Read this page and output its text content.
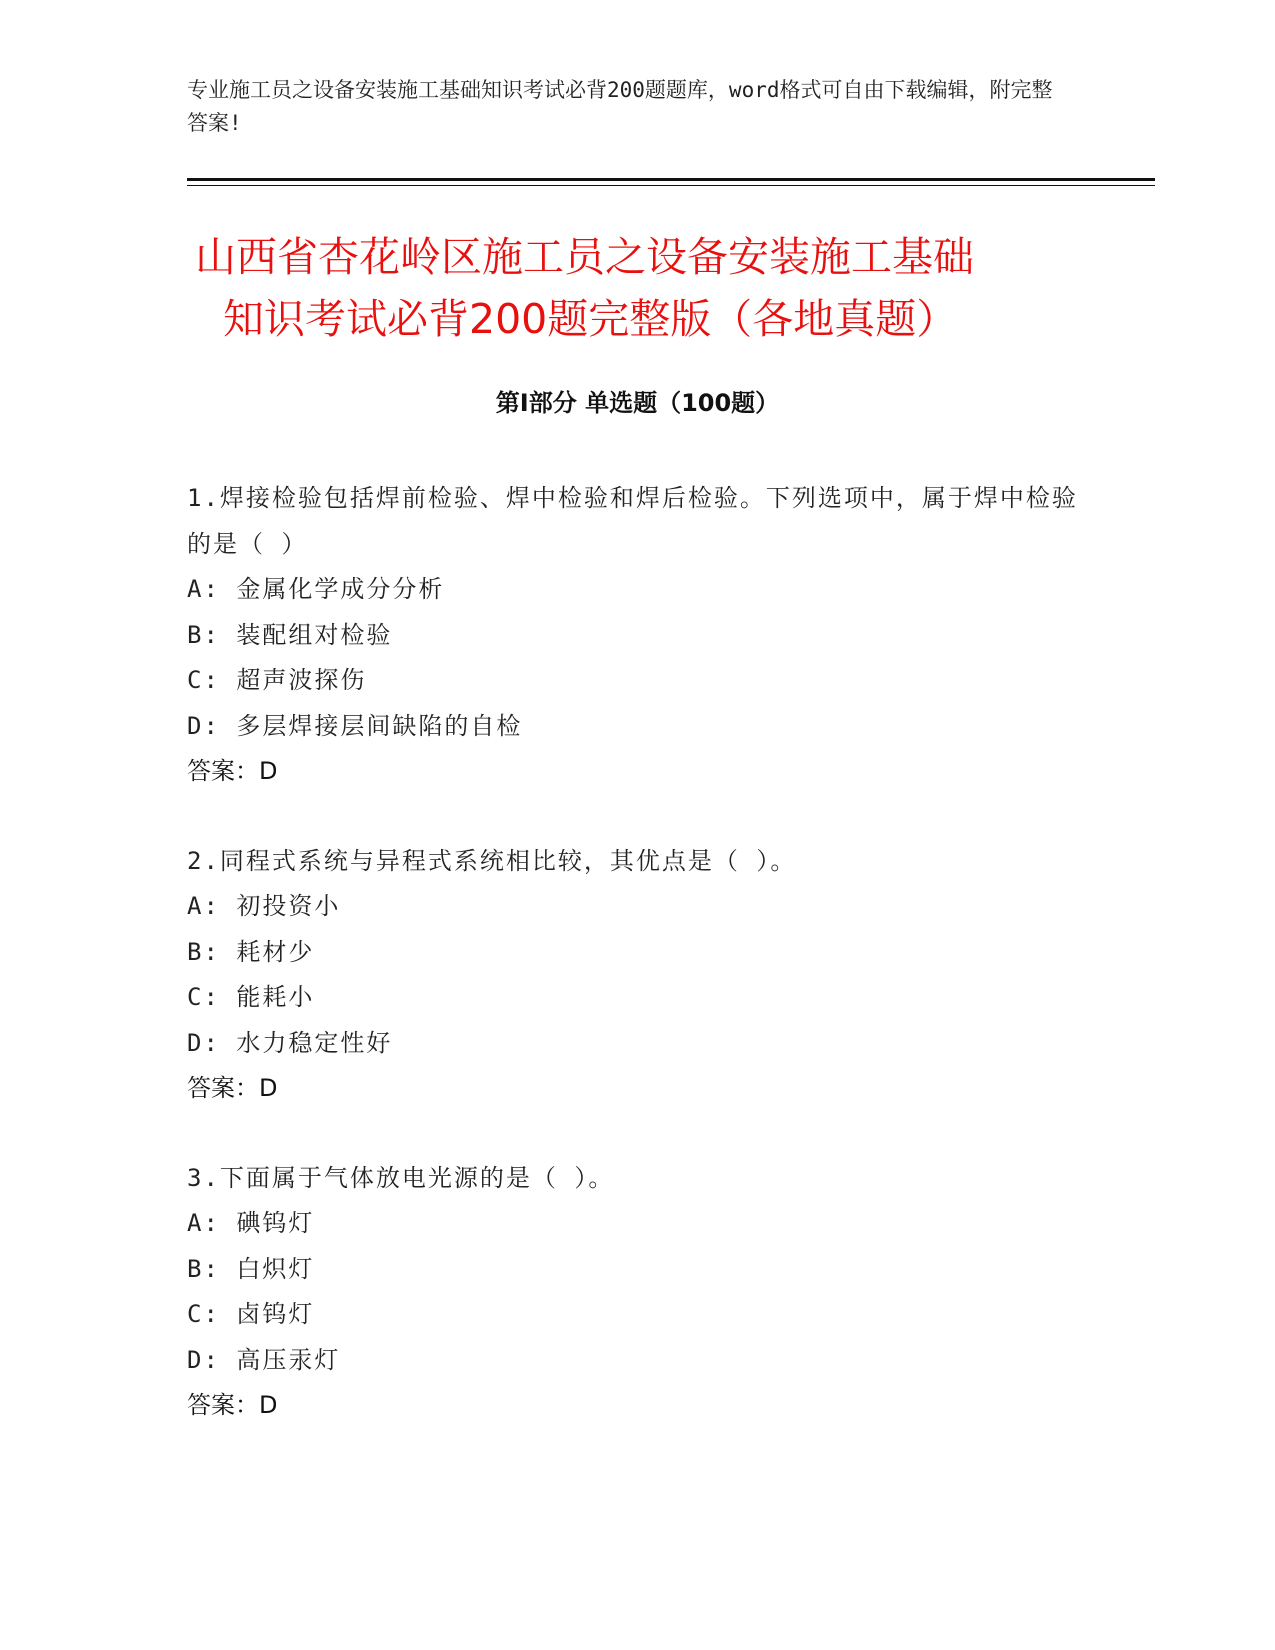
专业施工员之设备安装施工基础知识考试必背200题题库，word格式可自由下载编辑，附完整答案!
山西省杏花岭区施工员之设备安装施工基础
知识考试必背200题完整版（各地真题）
第Ⅰ部分 单选题（100题）
1.焊接检验包括焊前检验、焊中检验和焊后检验。下列选项中，属于焊中检验的是（ ）
A: 金属化学成分分析
B: 装配组对检验
C: 超声波探伤
D: 多层焊接层间缺陷的自检
答案：D
2.同程式系统与异程式系统相比较，其优点是（ ）。
A: 初投资小
B: 耗材少
C: 能耗小
D: 水力稳定性好
答案：D
3.下面属于气体放电光源的是（ ）。
A: 碘钨灯
B: 白炽灯
C: 卤钨灯
D: 高压汞灯
答案：D
